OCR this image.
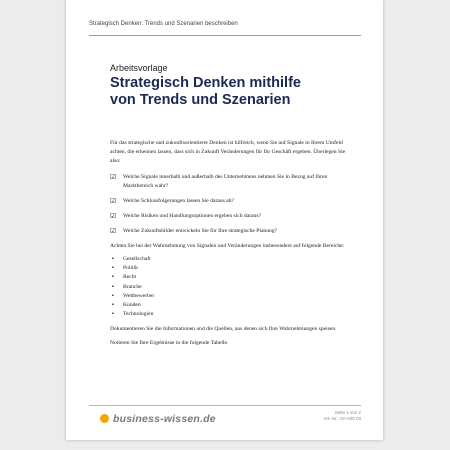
Strategisch Denken: Trends und Szenarien beschreiben
Arbeitsvorlage
Strategisch Denken mithilfe
von Trends und Szenarien

Für das strategische und zukunftsorientierte Denken ist hilfreich, wenn Sie auf Signale in Ihrem Umfeld achten, die erkennen lassen, dass sich in Zukunft Veränderungen für Ihr Geschäft ergeben. Überlegen Sie also:

☑ Welche Signale innerhalb und außerhalb des Unternehmens nehmen Sie in Bezug auf Ihren Marktbereich wahr?
☑ Welche Schlussfolgerungen lassen Sie daraus ab?
☑ Welche Risiken und Handlungsoptionen ergeben sich daraus?
☑ Welche Zukunftsbilder entwickeln Sie für Ihre strategische Planung?

Achten Sie bei der Wahrnehmung von Signalen und Veränderungen insbesondere auf folgende Bereiche:

▪ Gesellschaft
▪ Politik
▪ Recht
▪ Branche
▪ Wettbewerber
▪ Kunden
▪ Technologien

Dokumentieren Sie die Informationen und die Quellen, aus denen sich Ihre Wahrnehmungen speisen.

Notieren Sie Ihre Ergebnisse in die folgende Tabelle.

business-wissen.de
Seite 1 von 2
Art.-Nr.: 0A-000 03
